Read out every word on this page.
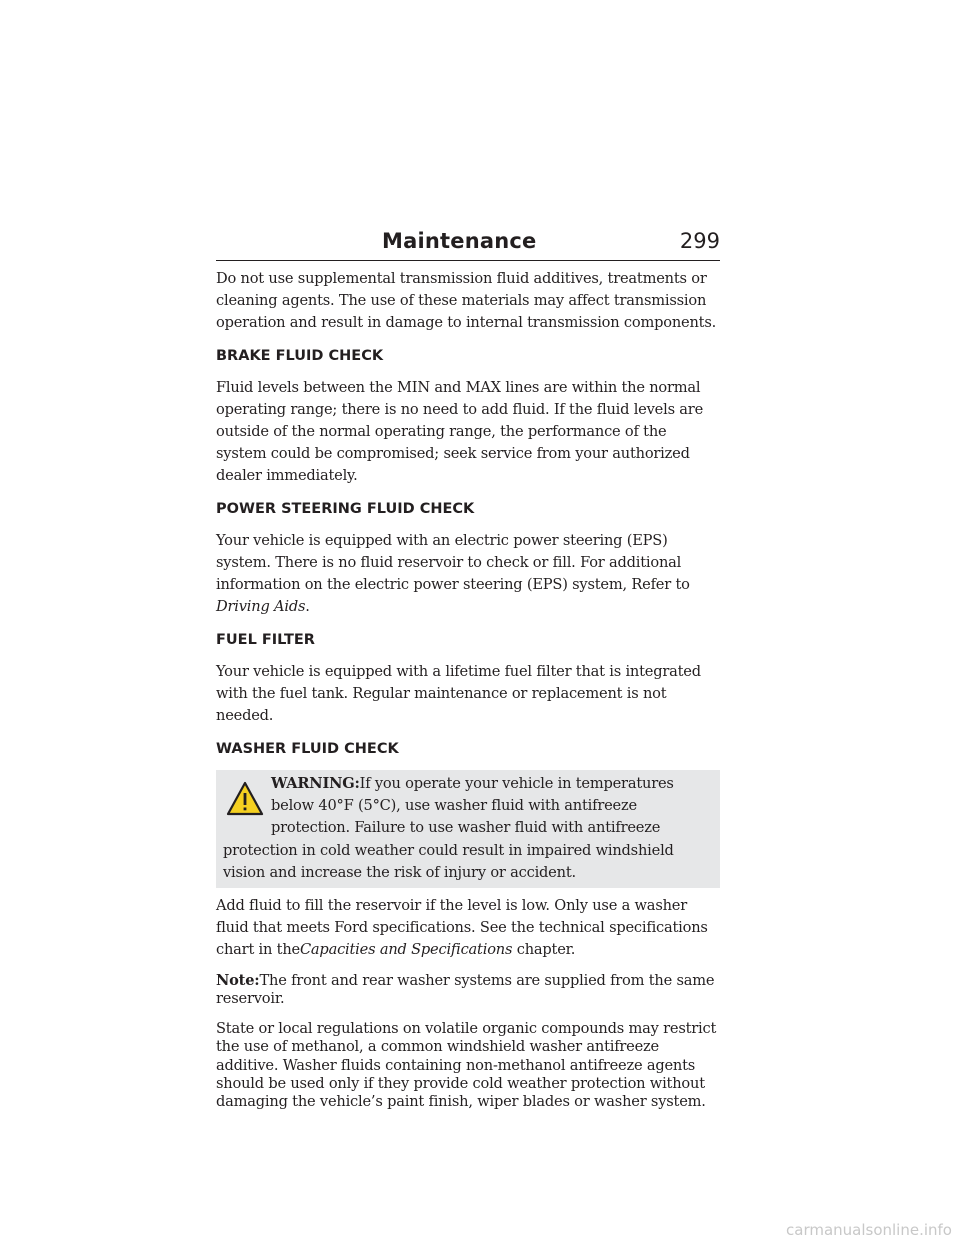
Maintenance	299

Do not use supplemental transmission fluid additives, treatments or cleaning agents. The use of these materials may affect transmission operation and result in damage to internal transmission components.

BRAKE FLUID CHECK

Fluid levels between the MIN and MAX lines are within the normal operating range; there is no need to add fluid. If the fluid levels are outside of the normal operating range, the performance of the system could be compromised; seek service from your authorized dealer immediately.

POWER STEERING FLUID CHECK

Your vehicle is equipped with an electric power steering (EPS) system. There is no fluid reservoir to check or fill. For additional information on the electric power steering (EPS) system, Refer to Driving Aids.

FUEL FILTER

Your vehicle is equipped with a lifetime fuel filter that is integrated with the fuel tank. Regular maintenance or replacement is not needed.

WASHER FLUID CHECK
WARNING:If you operate your vehicle in temperatures below 40°F (5°C), use washer fluid with antifreeze protection. Failure to use washer fluid with antifreeze protection in cold weather could result in impaired windshield vision and increase the risk of injury or accident.

Add fluid to fill the reservoir if the level is low. Only use a washer fluid that meets Ford specifications. See the technical specifications chart in theCapacities and Specifications chapter.

Note:The front and rear washer systems are supplied from the same reservoir.

State or local regulations on volatile organic compounds may restrict the use of methanol, a common windshield washer antifreeze additive. Washer fluids containing non-methanol antifreeze agents should be used only if they provide cold weather protection without damaging the vehicle’s paint finish, wiper blades or washer system.

carmanualsonline.info
